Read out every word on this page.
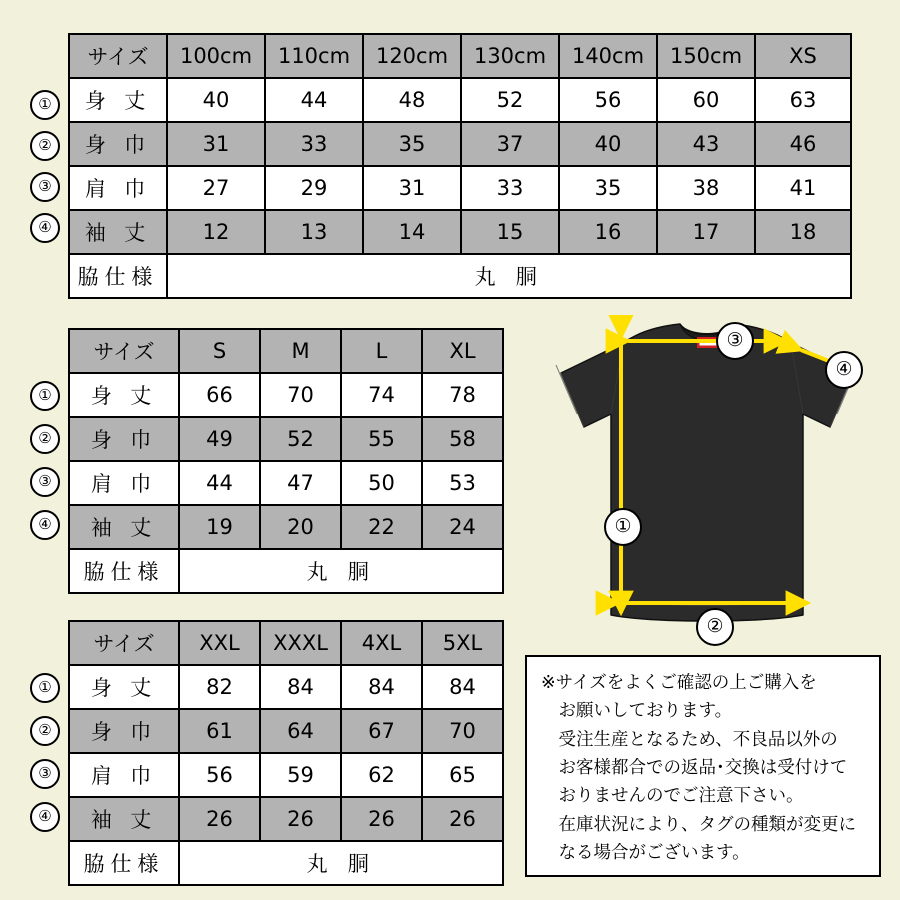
サイズ	100cm	110cm	120cm	130cm	140cm	150cm	XS
身 丈	40	44	48	52	56	60	63
身 巾	31	33	35	37	40	43	46
肩 巾	27	29	31	33	35	38	41
袖 丈	12	13	14	15	16	17	18
脇仕様	丸 胴						
①
②
③
④
サイズ	S	M	L	XL
身 丈	66	70	74	78
身 巾	49	52	55	58
肩 巾	44	47	50	53
袖 丈	19	20	22	24
脇仕様	丸 胴			
①
②
③
④
サイズ	XXL	XXXL	4XL	5XL
身 丈	82	84	84	84
身 巾	61	64	67	70
肩 巾	56	59	62	65
袖 丈	26	26	26	26
脇仕様	丸 胴			
①
②
③
④
③
④
①
②

※サイズをよくご確認の上ご購入を

お願いしております。

受注生産となるため、不良品以外の

お客様都合での返品･交換は受付けて

おりませんのでご注意下さい。

在庫状況により、タグの種類が変更に

なる場合がございます。
